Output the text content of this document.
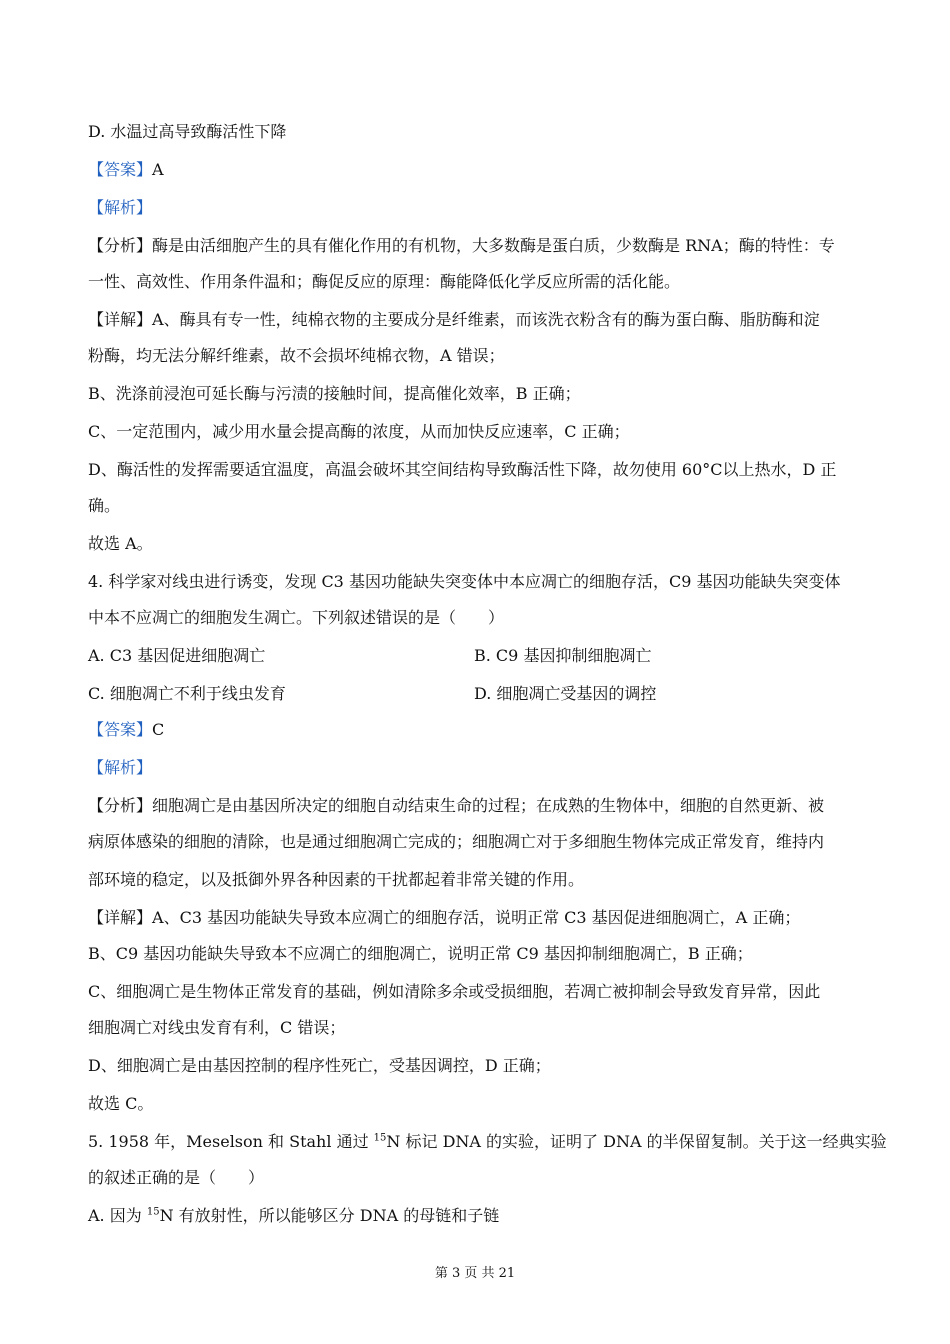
D. 水温过高导致酶活性下降
【答案】A
【解析】
【分析】酶是由活细胞产生的具有催化作用的有机物，大多数酶是蛋白质，少数酶是 RNA；酶的特性：专
一性、高效性、作用条件温和；酶促反应的原理：酶能降低化学反应所需的活化能。
【详解】A、酶具有专一性，纯棉衣物的主要成分是纤维素，而该洗衣粉含有的酶为蛋白酶、脂肪酶和淀
粉酶，均无法分解纤维素，故不会损坏纯棉衣物，A 错误；
B、洗涤前浸泡可延长酶与污渍的接触时间，提高催化效率，B 正确；
C、一定范围内，减少用水量会提高酶的浓度，从而加快反应速率，C 正确；
D、酶活性的发挥需要适宜温度，高温会破坏其空间结构导致酶活性下降，故勿使用 60°C以上热水，D 正
确。
故选 A。
4. 科学家对线虫进行诱变，发现 C3 基因功能缺失突变体中本应凋亡的细胞存活，C9 基因功能缺失突变体
中本不应凋亡的细胞发生凋亡。下列叙述错误的是（　　）
A. C3 基因促进细胞凋亡	B. C9 基因抑制细胞凋亡
C. 细胞凋亡不利于线虫发育	D. 细胞凋亡受基因的调控
【答案】C
【解析】
【分析】细胞凋亡是由基因所决定的细胞自动结束生命的过程；在成熟的生物体中，细胞的自然更新、被
病原体感染的细胞的清除，也是通过细胞凋亡完成的；细胞凋亡对于多细胞生物体完成正常发育，维持内
部环境的稳定，以及抵御外界各种因素的干扰都起着非常关键的作用。
【详解】A、C3 基因功能缺失导致本应凋亡的细胞存活，说明正常 C3 基因促进细胞凋亡，A 正确；
B、C9 基因功能缺失导致本不应凋亡的细胞凋亡，说明正常 C9 基因抑制细胞凋亡，B 正确；
C、细胞凋亡是生物体正常发育的基础，例如清除多余或受损细胞，若凋亡被抑制会导致发育异常，因此
细胞凋亡对线虫发育有利，C 错误；
D、细胞凋亡是由基因控制的程序性死亡，受基因调控，D 正确；
故选 C。
5. 1958 年，Meselson 和 Stahl 通过 $^{15}$N 标记 DNA 的实验，证明了 DNA 的半保留复制。关于这一经典实验
的叙述正确的是（　　）
A. 因为 $^{15}$N 有放射性，所以能够区分 DNA 的母链和子链
第 3 页 共 21
